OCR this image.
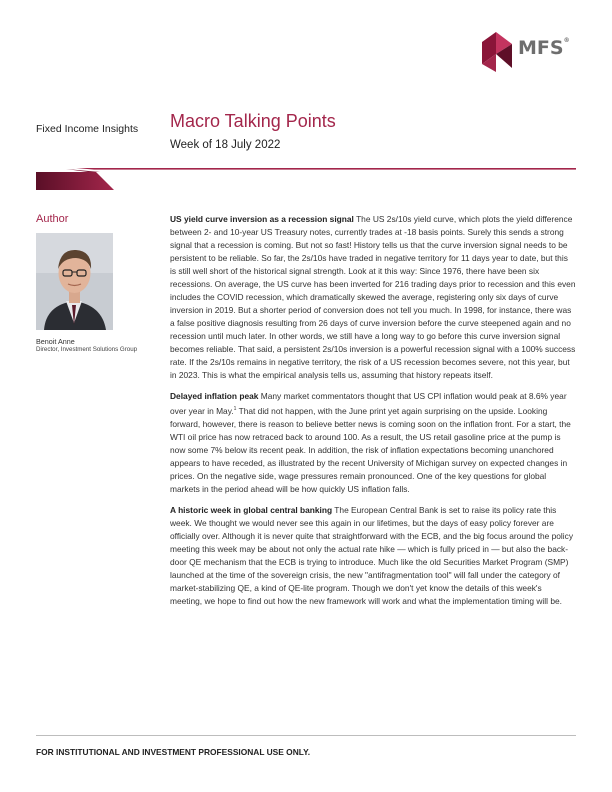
MFS®
Fixed Income Insights Macro Talking Points
Week of 18 July 2022
Author
Benoit Anne
Director, Investment Solutions Group

US yield curve inversion as a recession signal The US 2s/10s yield curve, which plots the yield difference between 2- and 10-year US Treasury notes, currently trades at -18 basis points. Surely this sends a strong signal that a recession is coming. But not so fast! History tells us that the curve inversion signal needs to be persistent to be reliable. So far, the 2s/10s have traded in negative territory for 11 days year to date, but this is still well short of the historical signal strength. Look at it this way: Since 1976, there have been six recessions. On average, the US curve has been inverted for 216 trading days prior to recession and this even includes the COVID recession, which dramatically skewed the average, registering only six days of curve inversion in 2019. But a shorter period of conversion does not tell you much. In 1998, for instance, there was a false positive diagnosis resulting from 26 days of curve inversion before the curve steepened again and no recession until much later. In other words, we still have a long way to go before this curve inversion signal becomes reliable. That said, a persistent 2s/10s inversion is a powerful recession signal with a 100% success rate. If the 2s/10s remains in negative territory, the risk of a US recession becomes severe, not this year, but in 2023. This is what the empirical analysis tells us, assuming that history repeats itself.

Delayed inflation peak Many market commentators thought that US CPI inflation would peak at 8.6% year over year in May.$^1$ That did not happen, with the June print yet again surprising on the upside. Looking forward, however, there is reason to believe better news is coming soon on the inflation front. For a start, the WTI oil price has now retraced back to around 100. As a result, the US retail gasoline price at the pump is now some 7% below its recent peak. In addition, the risk of inflation expectations becoming unanchored appears to have receded, as illustrated by the recent University of Michigan survey on expected changes in prices. On the negative side, wage pressures remain pronounced. One of the key questions for global markets in the period ahead will be how quickly US inflation falls.

A historic week in global central banking The European Central Bank is set to raise its policy rate this week. We thought we would never see this again in our lifetimes, but the days of easy policy forever are officially over. Although it is never quite that straightforward with the ECB, and the big focus around the policy meeting this week may be about not only the actual rate hike — which is fully priced in — but also the back-door QE mechanism that the ECB is trying to introduce. Much like the old Securities Market Program (SMP) launched at the time of the sovereign crisis, the new "antifragmentation tool" will fall under the category of market-stabilizing QE, a kind of QE-lite program. Though we don't yet know the details of this week's meeting, we hope to find out how the new framework will work and what the implementation timing will be.

FOR INSTITUTIONAL AND INVESTMENT PROFESSIONAL USE ONLY.
